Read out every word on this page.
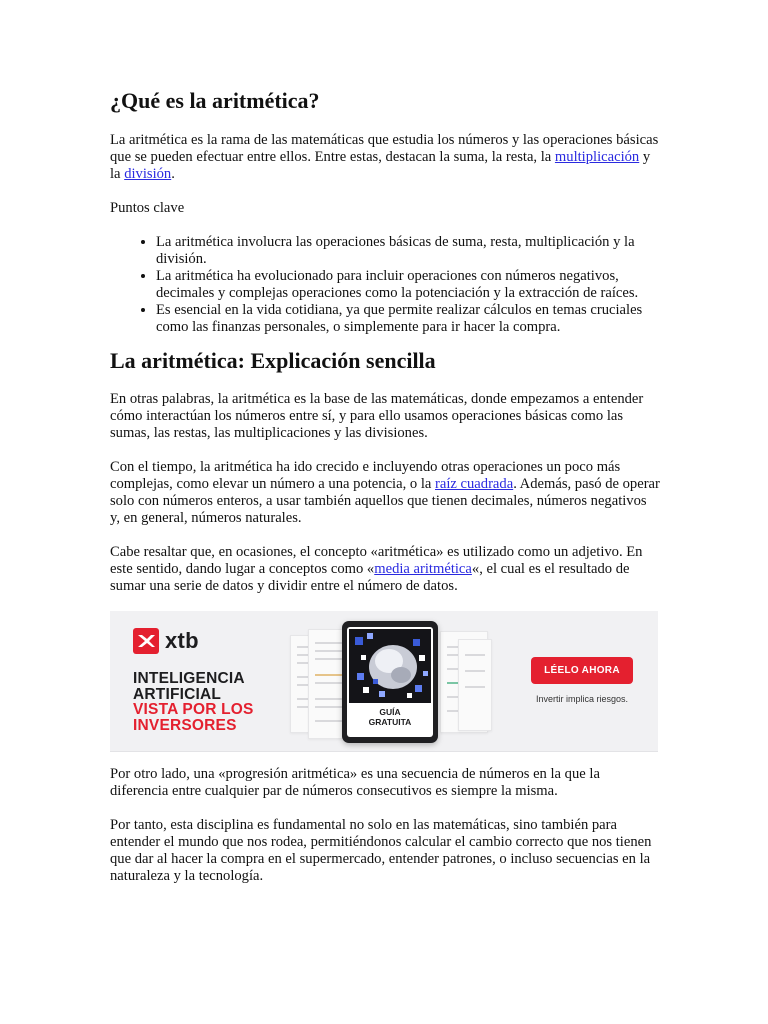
¿Qué es la aritmética?

La aritmética es la rama de las matemáticas que estudia los números y las operaciones básicas que se pueden efectuar entre ellos. Entre estas, destacan la suma, la resta, la multiplicación y la división.

Puntos clave

• La aritmética involucra las operaciones básicas de suma, resta, multiplicación y la división.
• La aritmética ha evolucionado para incluir operaciones con números negativos, decimales y complejas operaciones como la potenciación y la extracción de raíces.
• Es esencial en la vida cotidiana, ya que permite realizar cálculos en temas cruciales como las finanzas personales, o simplemente para ir hacer la compra.
La aritmética: Explicación sencilla

En otras palabras, la aritmética es la base de las matemáticas, donde empezamos a entender cómo interactúan los números entre sí, y para ello usamos operaciones básicas como las sumas, las restas, las multiplicaciones y las divisiones.

Con el tiempo, la aritmética ha ido crecido e incluyendo otras operaciones un poco más complejas, como elevar un número a una potencia, o la raíz cuadrada. Además, pasó de operar solo con números enteros, a usar también aquellos que tienen decimales, números negativos y, en general, números naturales.

Cabe resaltar que, en ocasiones, el concepto «aritmética» es utilizado como un adjetivo. En este sentido, dando lugar a conceptos como «media aritmética«, el cual es el resultado de sumar una serie de datos y dividir entre el número de datos.

xtb
INTELIGENCIA
ARTIFICIAL
VISTA POR LOS
INVERSORES
GUÍA
GRATUITA
LÉELO AHORA
Invertir implica riesgos.

Por otro lado, una «progresión aritmética» es una secuencia de números en la que la diferencia entre cualquier par de números consecutivos es siempre la misma.

Por tanto, esta disciplina es fundamental no solo en las matemáticas, sino también para entender el mundo que nos rodea, permitiéndonos calcular el cambio correcto que nos tienen que dar al hacer la compra en el supermercado, entender patrones, o incluso secuencias en la naturaleza y la tecnología.
